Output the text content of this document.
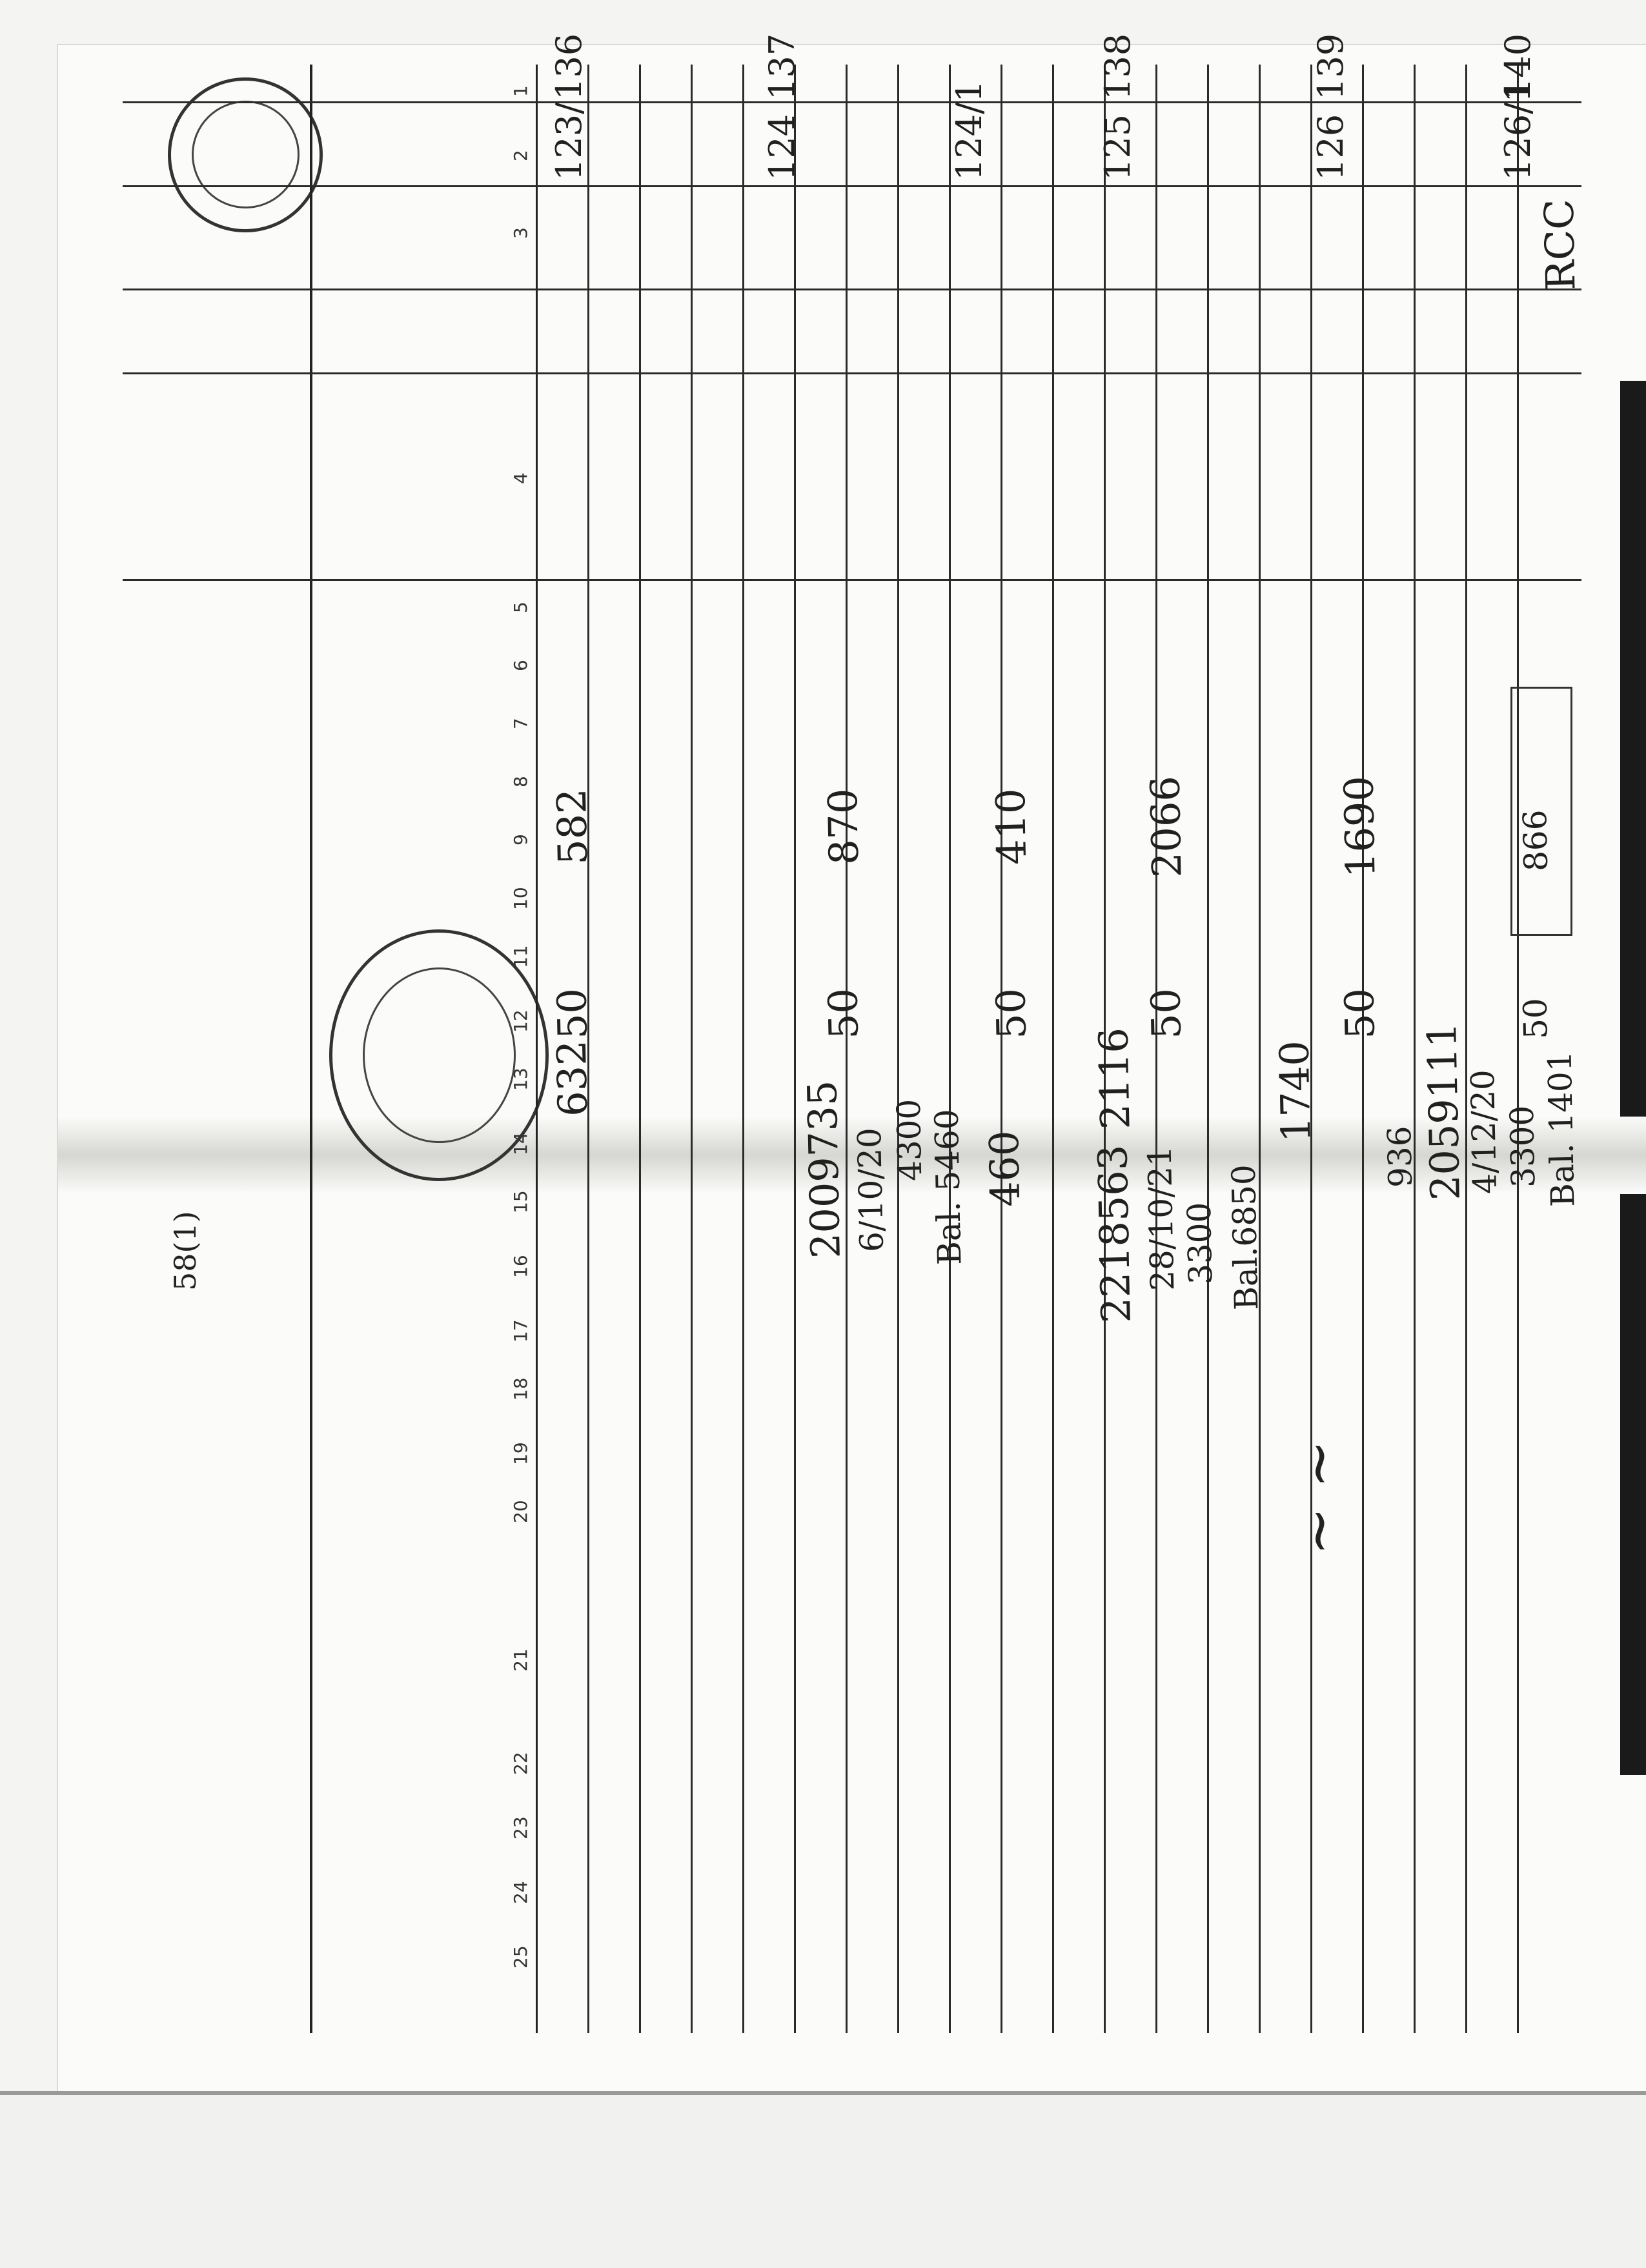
58(1)
1
2
3
4
5
6
7
8
9
10
11
12
13
14
15
16
17
18
19
20
21
22
23
24
25
136
123/
582
50
632
137
124
870
50
2009735 6/10/20
4300
Bal. 5460 460
124/1
410
50
2116
2218563 28/10/21
3300 Bal.6850
138
125
2066
50
139
126
1690
50
1740
140
126/1
RCC
866
50
936
2059111
4/12/20
3300
Bal. 1401
~ ~
